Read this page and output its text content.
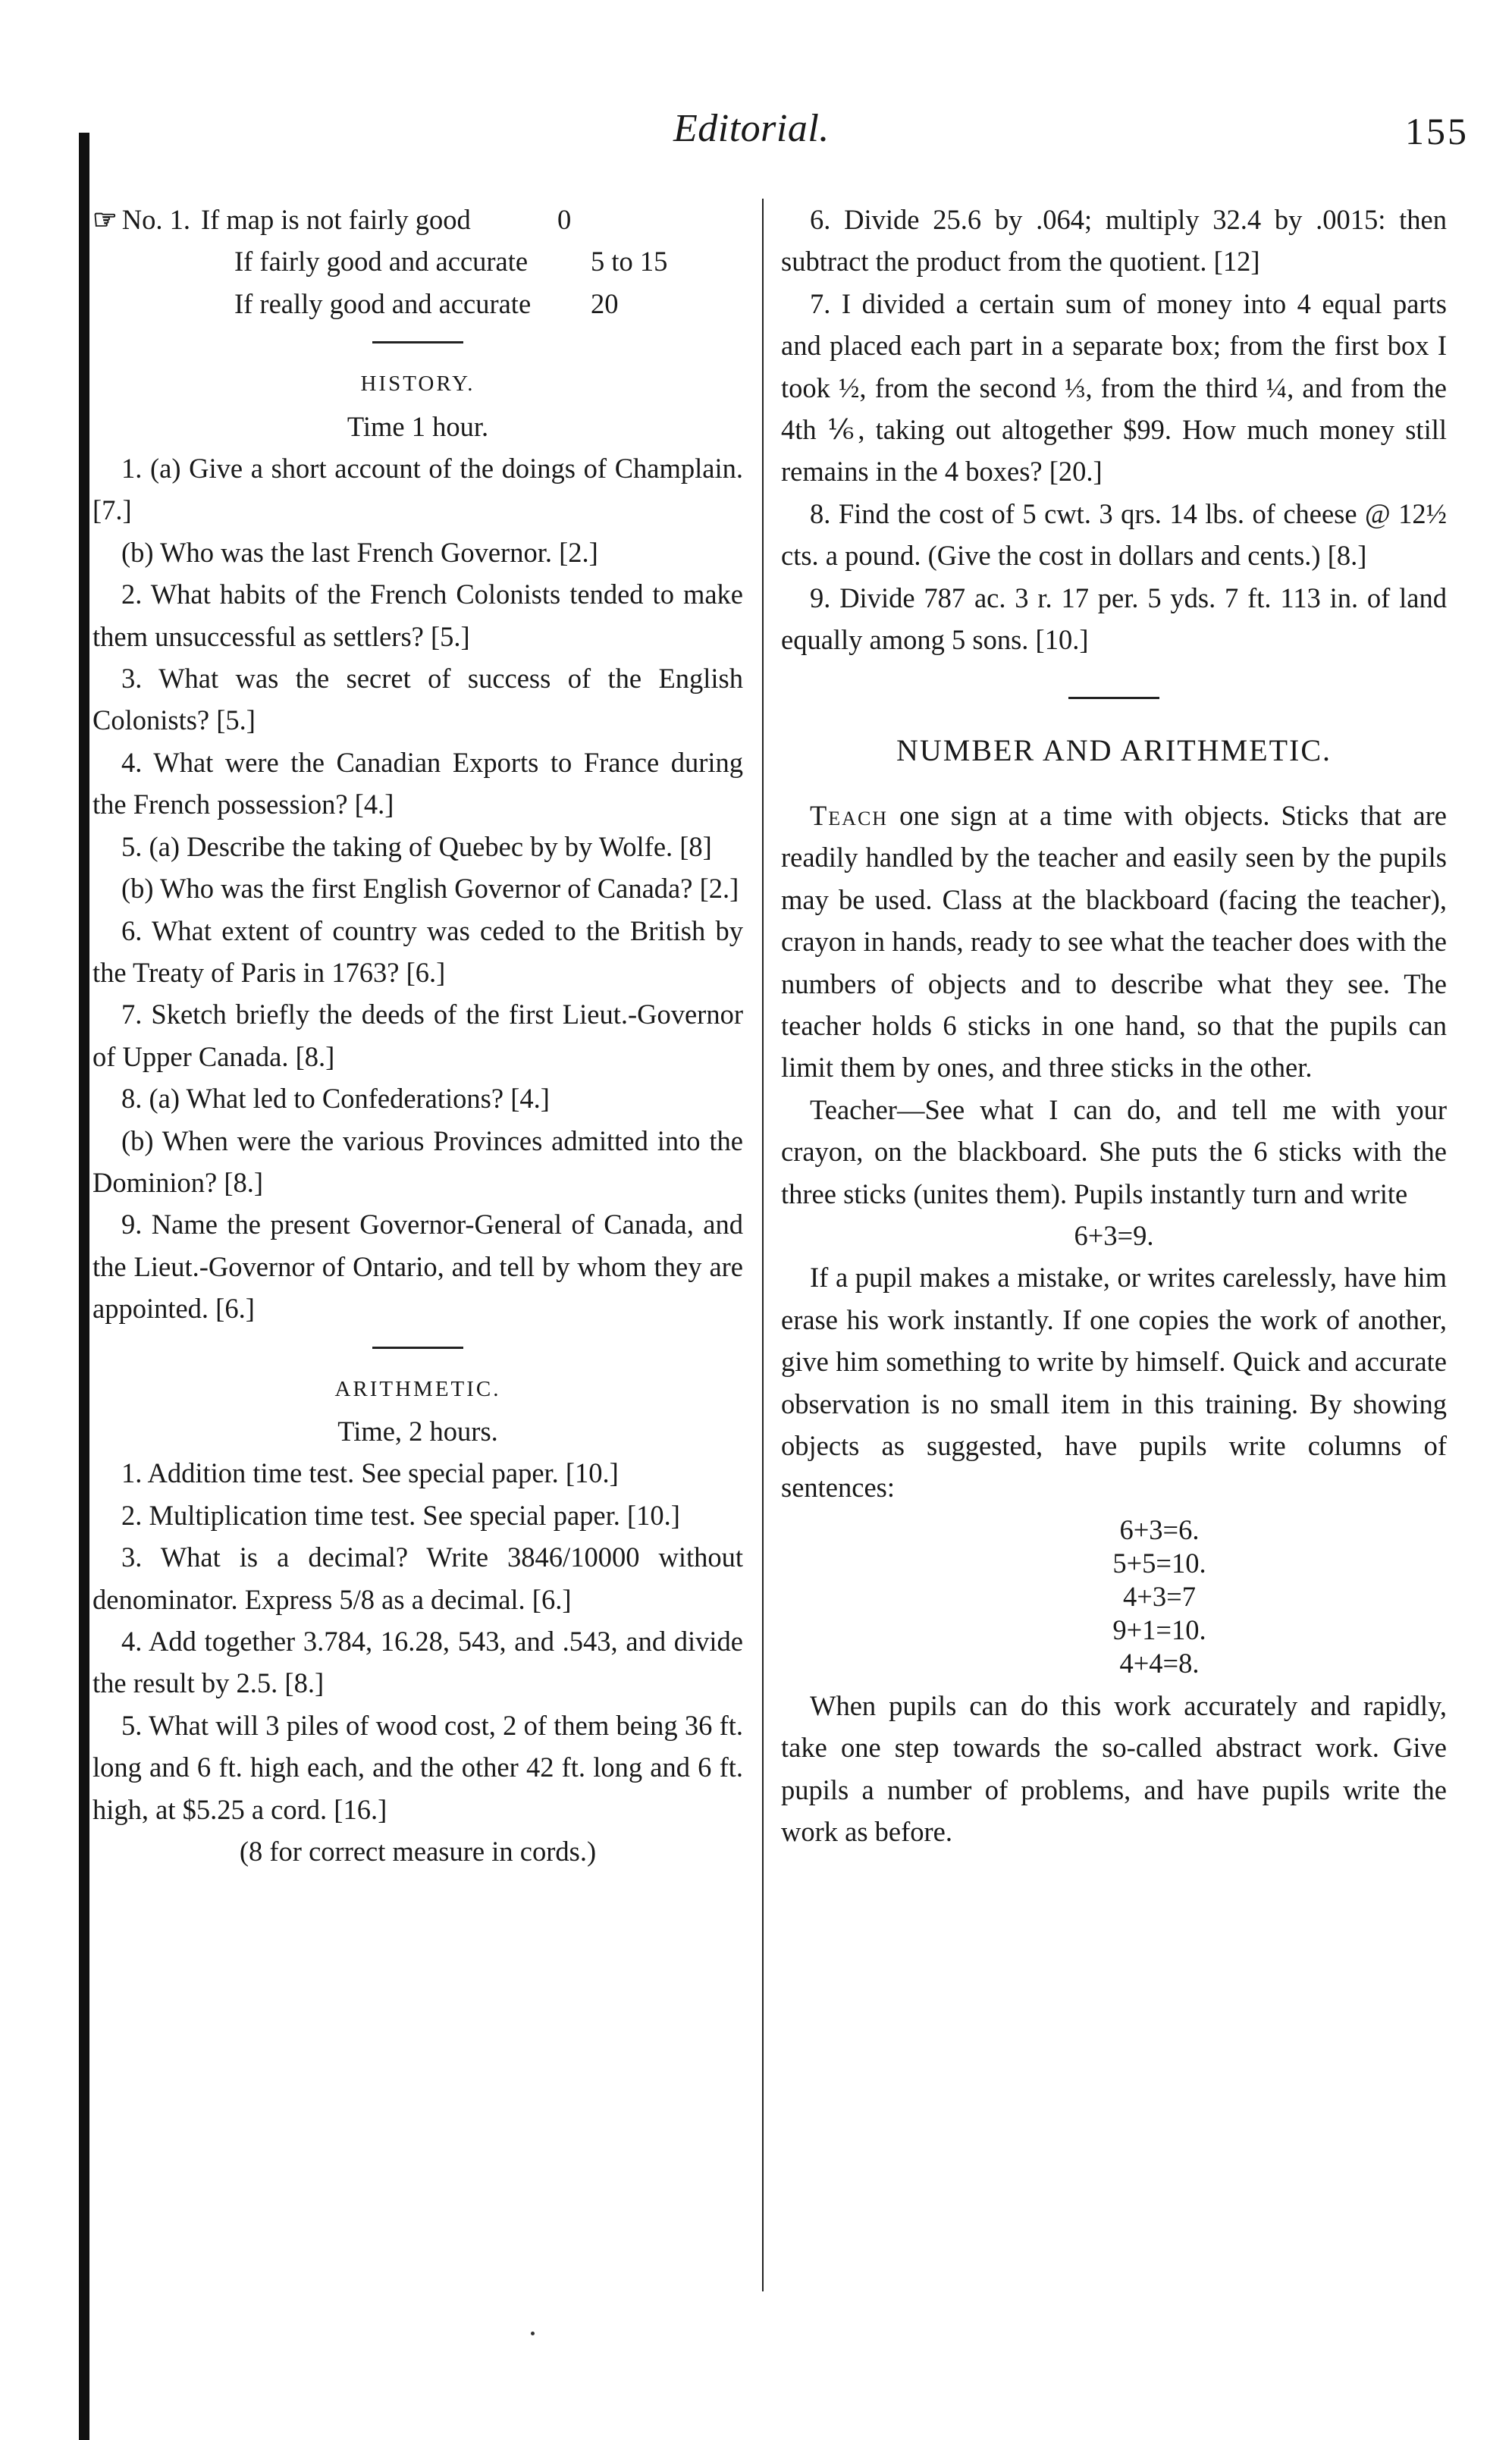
Editorial.	155
☞ No. 1. If map is not fairly good	0
If fairly good and accurate	5 to 15
If really good and accurate	20

HISTORY.

Time 1 hour.

1. (a) Give a short account of the doings of Champlain. [7.]

(b) Who was the last French Governor. [2.]

2. What habits of the French Colonists tended to make them unsuccessful as settlers? [5.]

3. What was the secret of success of the English Colonists? [5.]

4. What were the Canadian Exports to France during the French possession? [4.]

5. (a) Describe the taking of Quebec by by Wolfe. [8]

(b) Who was the first English Governor of Canada? [2.]

6. What extent of country was ceded to the British by the Treaty of Paris in 1763? [6.]

7. Sketch briefly the deeds of the first Lieut.-Governor of Upper Canada. [8.]

8. (a) What led to Confederations? [4.]

(b) When were the various Provinces admitted into the Dominion? [8.]

9. Name the present Governor-General of Canada, and the Lieut.-Governor of Ontario, and tell by whom they are appointed. [6.]

ARITHMETIC.

Time, 2 hours.

1. Addition time test. See special paper. [10.]

2. Multiplication time test. See special paper. [10.]

3. What is a decimal? Write 3846/10000 without denominator. Express 5/8 as a decimal. [6.]

4. Add together 3.784, 16.28, 543, and .543, and divide the result by 2.5. [8.]

5. What will 3 piles of wood cost, 2 of them being 36 ft. long and 6 ft. high each, and the other 42 ft. long and 6 ft. high, at $5.25 a cord. [16.]

(8 for correct measure in cords.)

6. Divide 25.6 by .064; multiply 32.4 by .0015: then subtract the product from the quotient. [12]

7. I divided a certain sum of money into 4 equal parts and placed each part in a separate box; from the first box I took ½, from the second ⅓, from the third ¼, and from the 4th ⅙, taking out altogether $99. How much money still remains in the 4 boxes? [20.]

8. Find the cost of 5 cwt. 3 qrs. 14 lbs. of cheese @ 12½ cts. a pound. (Give the cost in dollars and cents.) [8.]

9. Divide 787 ac. 3 r. 17 per. 5 yds. 7 ft. 113 in. of land equally among 5 sons. [10.]

NUMBER AND ARITHMETIC.

Teach one sign at a time with objects. Sticks that are readily handled by the teacher and easily seen by the pupils may be used. Class at the blackboard (facing the teacher), crayon in hands, ready to see what the teacher does with the numbers of objects and to describe what they see. The teacher holds 6 sticks in one hand, so that the pupils can limit them by ones, and three sticks in the other.

Teacher—See what I can do, and tell me with your crayon, on the blackboard. She puts the 6 sticks with the three sticks (unites them). Pupils instantly turn and write

6+3=9.

If a pupil makes a mistake, or writes carelessly, have him erase his work instantly. If one copies the work of another, give him something to write by himself. Quick and accurate observation is no small item in this training. By showing objects as suggested, have pupils write columns of sentences:

6+3=6.

5+5=10.

4+3=7

9+1=10.

4+4=8.

When pupils can do this work accurately and rapidly, take one step towards the so-called abstract work. Give pupils a number of problems, and have pupils write the work as before.
